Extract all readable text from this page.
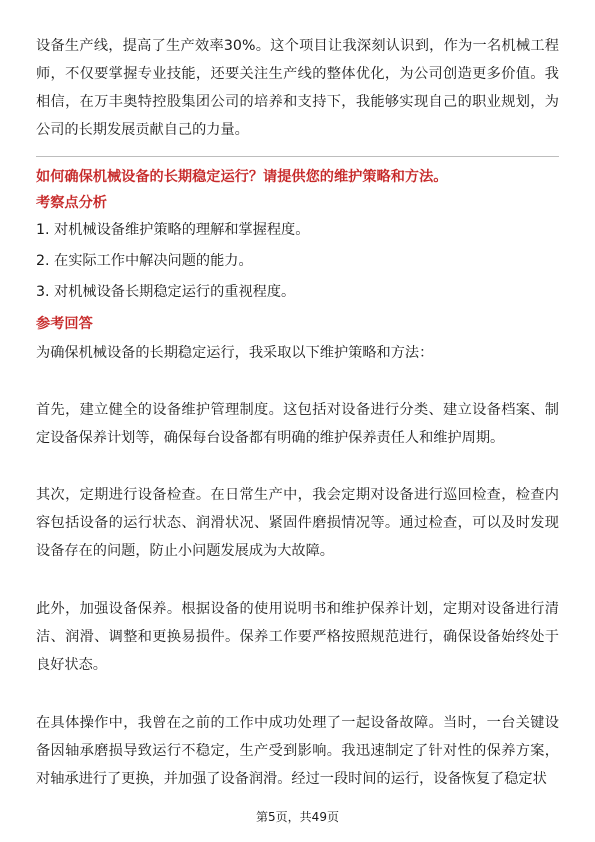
设备生产线，提高了生产效率30%。这个项目让我深刻认识到，作为一名机械工程师，不仅要掌握专业技能，还要关注生产线的整体优化，为公司创造更多价值。我相信，在万丰奥特控股集团公司的培养和支持下，我能够实现自己的职业规划，为公司的长期发展贡献自己的力量。

如何确保机械设备的长期稳定运行？请提供您的维护策略和方法。

考察点分析

1. 对机械设备维护策略的理解和掌握程度。

2. 在实际工作中解决问题的能力。

3. 对机械设备长期稳定运行的重视程度。

参考回答

为确保机械设备的长期稳定运行，我采取以下维护策略和方法：

首先，建立健全的设备维护管理制度。这包括对设备进行分类、建立设备档案、制定设备保养计划等，确保每台设备都有明确的维护保养责任人和维护周期。

其次，定期进行设备检查。在日常生产中，我会定期对设备进行巡回检查，检查内容包括设备的运行状态、润滑状况、紧固件磨损情况等。通过检查，可以及时发现设备存在的问题，防止小问题发展成为大故障。

此外，加强设备保养。根据设备的使用说明书和维护保养计划，定期对设备进行清洁、润滑、调整和更换易损件。保养工作要严格按照规范进行，确保设备始终处于良好状态。

在具体操作中，我曾在之前的工作中成功处理了一起设备故障。当时，一台关键设备因轴承磨损导致运行不稳定，生产受到影响。我迅速制定了针对性的保养方案，对轴承进行了更换，并加强了设备润滑。经过一段时间的运行，设备恢复了稳定状

第5页，共49页
